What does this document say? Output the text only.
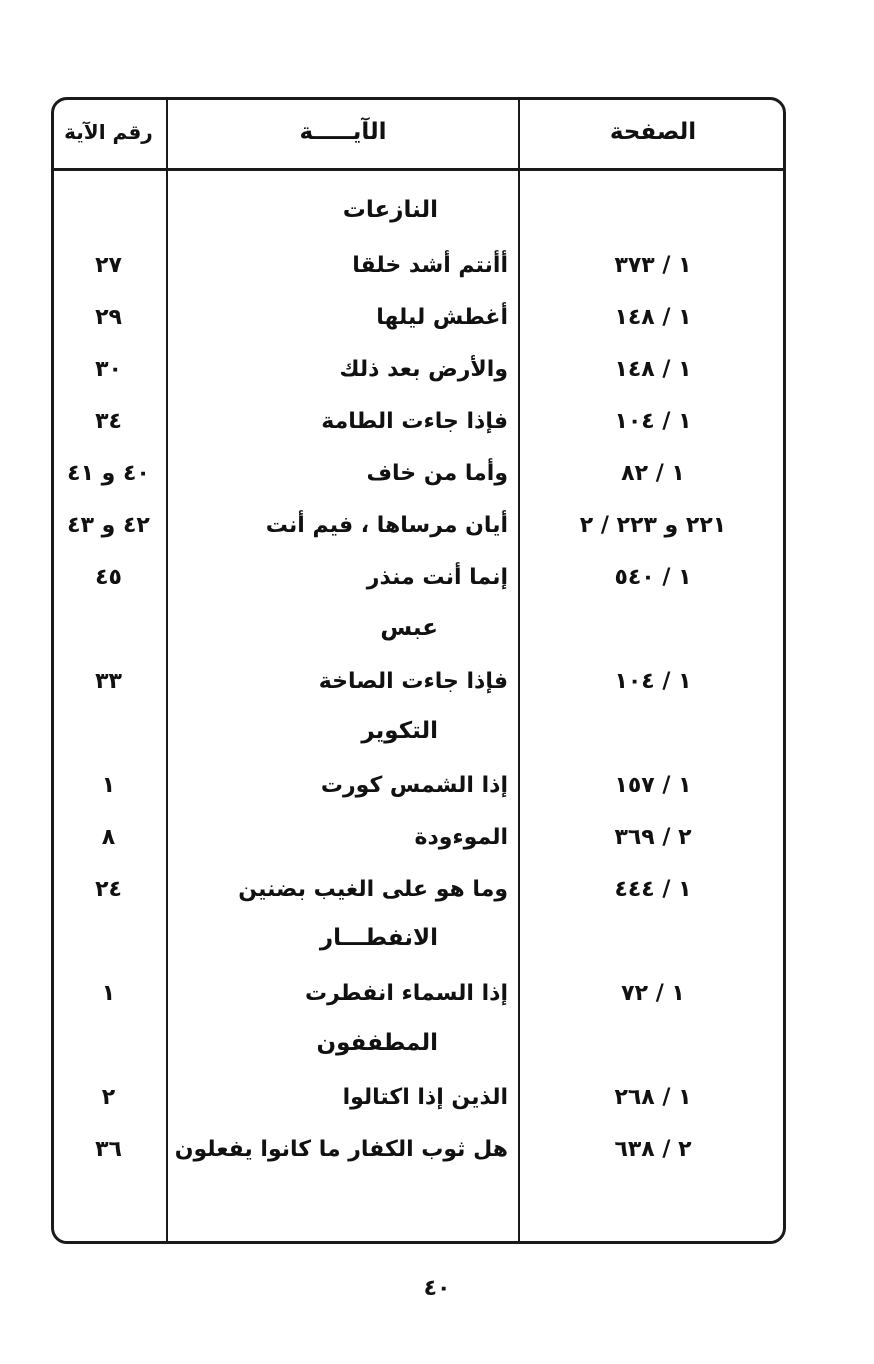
الصفحة
الآيـــــة
رقم الآية
النازعات
١ / ٣٧٣
أأنتم أشد خلقا
٢٧
١ / ١٤٨
أغطش ليلها
٢٩
١ / ١٤٨
والأرض بعد ذلك
٣٠
١ / ١٠٤
فإذا جاءت الطامة
٣٤
١ / ٨٢
وأما من خاف
٤٠ و ٤١
٢٢١ و ٢٢٣ / ٢
أيان مرساها ، فيم أنت
٤٢ و ٤٣
١ / ٥٤٠
إنما أنت منذر
٤٥
عبس
١ / ١٠٤
فإذا جاءت الصاخة
٣٣
التكوير
١ / ١٥٧
إذا الشمس كورت
١
٢ / ٣٦٩
الموءودة
٨
١ / ٤٤٤
وما هو على الغيب بضنين
٢٤
الانفطـــار
١ / ٧٢
إذا السماء انفطرت
١
المطففون
١ / ٢٦٨
الذين إذا اكتالوا
٢
٢ / ٦٣٨
هل ثوب الكفار ما كانوا يفعلون
٣٦
٤٠
